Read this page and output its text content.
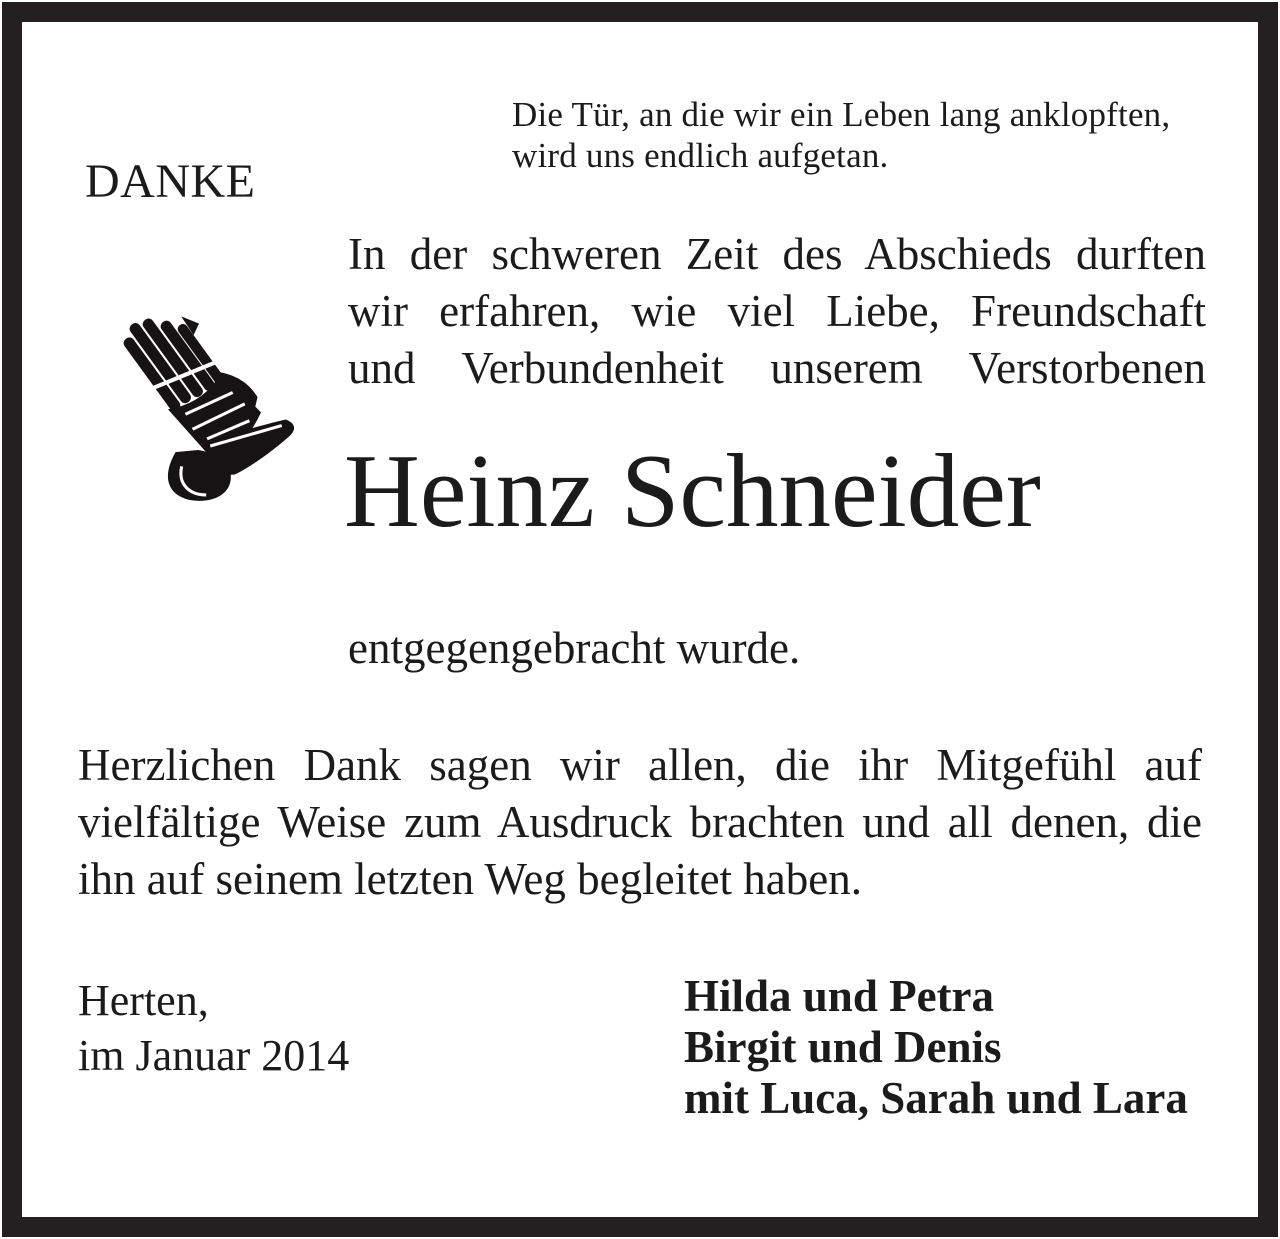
Die Tür, an die wir ein Leben lang anklopften,
wird uns endlich aufgetan.
DANKE
In der schweren Zeit des Abschieds durften
wir erfahren, wie viel Liebe, Freundschaft
und Verbundenheit unserem Verstorbenen
Heinz Schneider
entgegengebracht wurde.
Herzlichen Dank sagen wir allen, die ihr Mitgefühl auf
vielfältige Weise zum Ausdruck brachten und all denen, die
ihn auf seinem letzten Weg begleitet haben.
Herten,
im Januar 2014
Hilda und Petra
Birgit und Denis
mit Luca, Sarah und Lara
